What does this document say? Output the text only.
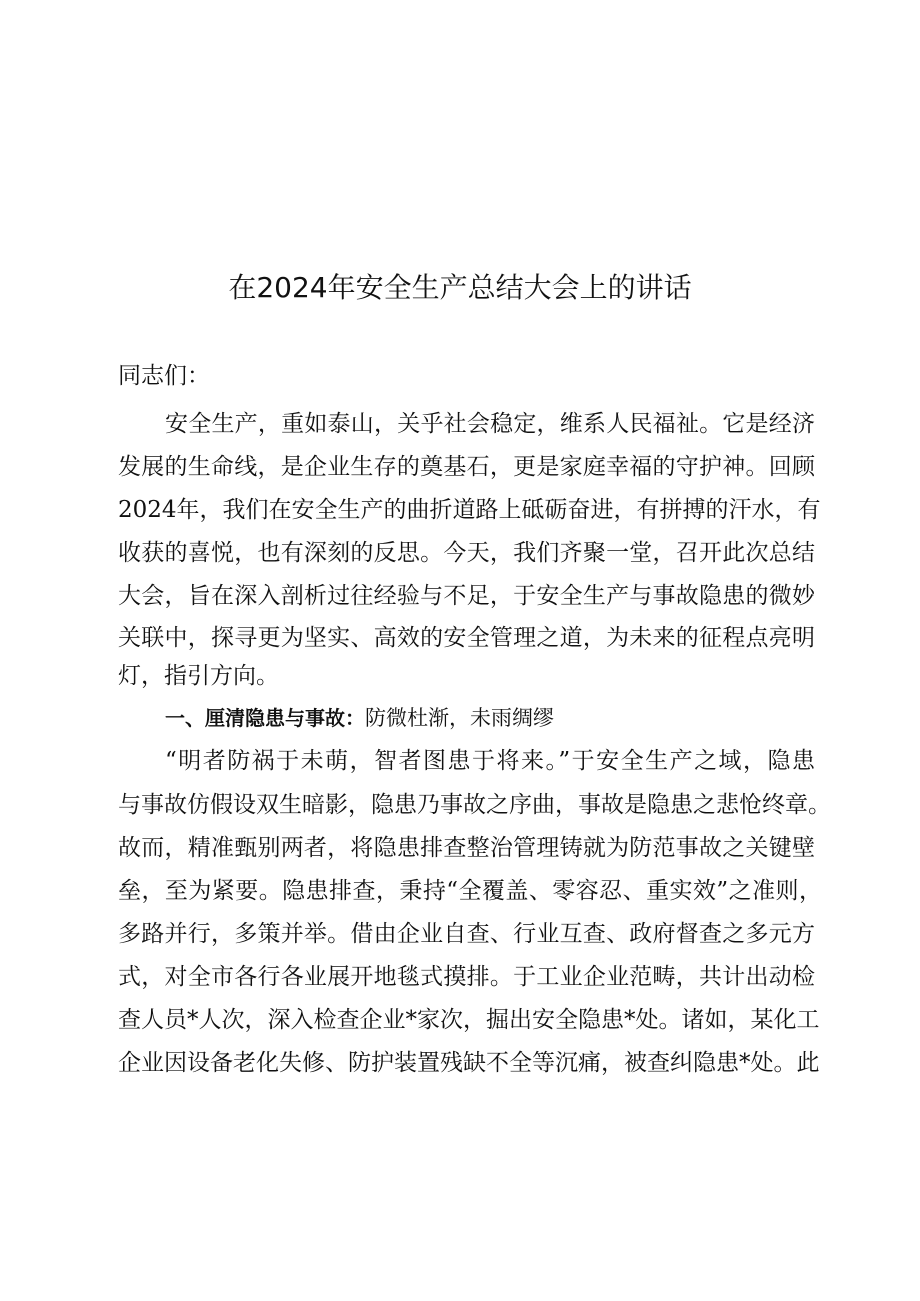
在2024年安全生产总结大会上的讲话
同志们：
安全生产，重如泰山，关乎社会稳定，维系人民福祉。它是经济
发展的生命线，是企业生存的奠基石，更是家庭幸福的守护神。回顾
2024年，我们在安全生产的曲折道路上砥砺奋进，有拼搏的汗水，有
收获的喜悦，也有深刻的反思。今天，我们齐聚一堂，召开此次总结
大会，旨在深入剖析过往经验与不足，于安全生产与事故隐患的微妙
关联中，探寻更为坚实、高效的安全管理之道，为未来的征程点亮明
灯，指引方向。
一、厘清隐患与事故：防微杜渐，未雨绸缪
“明者防祸于未萌，智者图患于将来。”于安全生产之域，隐患
与事故仿假设双生暗影，隐患乃事故之序曲，事故是隐患之悲怆终章。
故而，精准甄别两者，将隐患排查整治管理铸就为防范事故之关键壁
垒，至为紧要。隐患排查，秉持“全覆盖、零容忍、重实效”之准则，
多路并行，多策并举。借由企业自查、行业互查、政府督查之多元方
式，对全市各行各业展开地毯式摸排。于工业企业范畴，共计出动检
查人员*人次，深入检查企业*家次，掘出安全隐患*处。诸如，某化工
企业因设备老化失修、防护装置残缺不全等沉痛，被查纠隐患*处。此
